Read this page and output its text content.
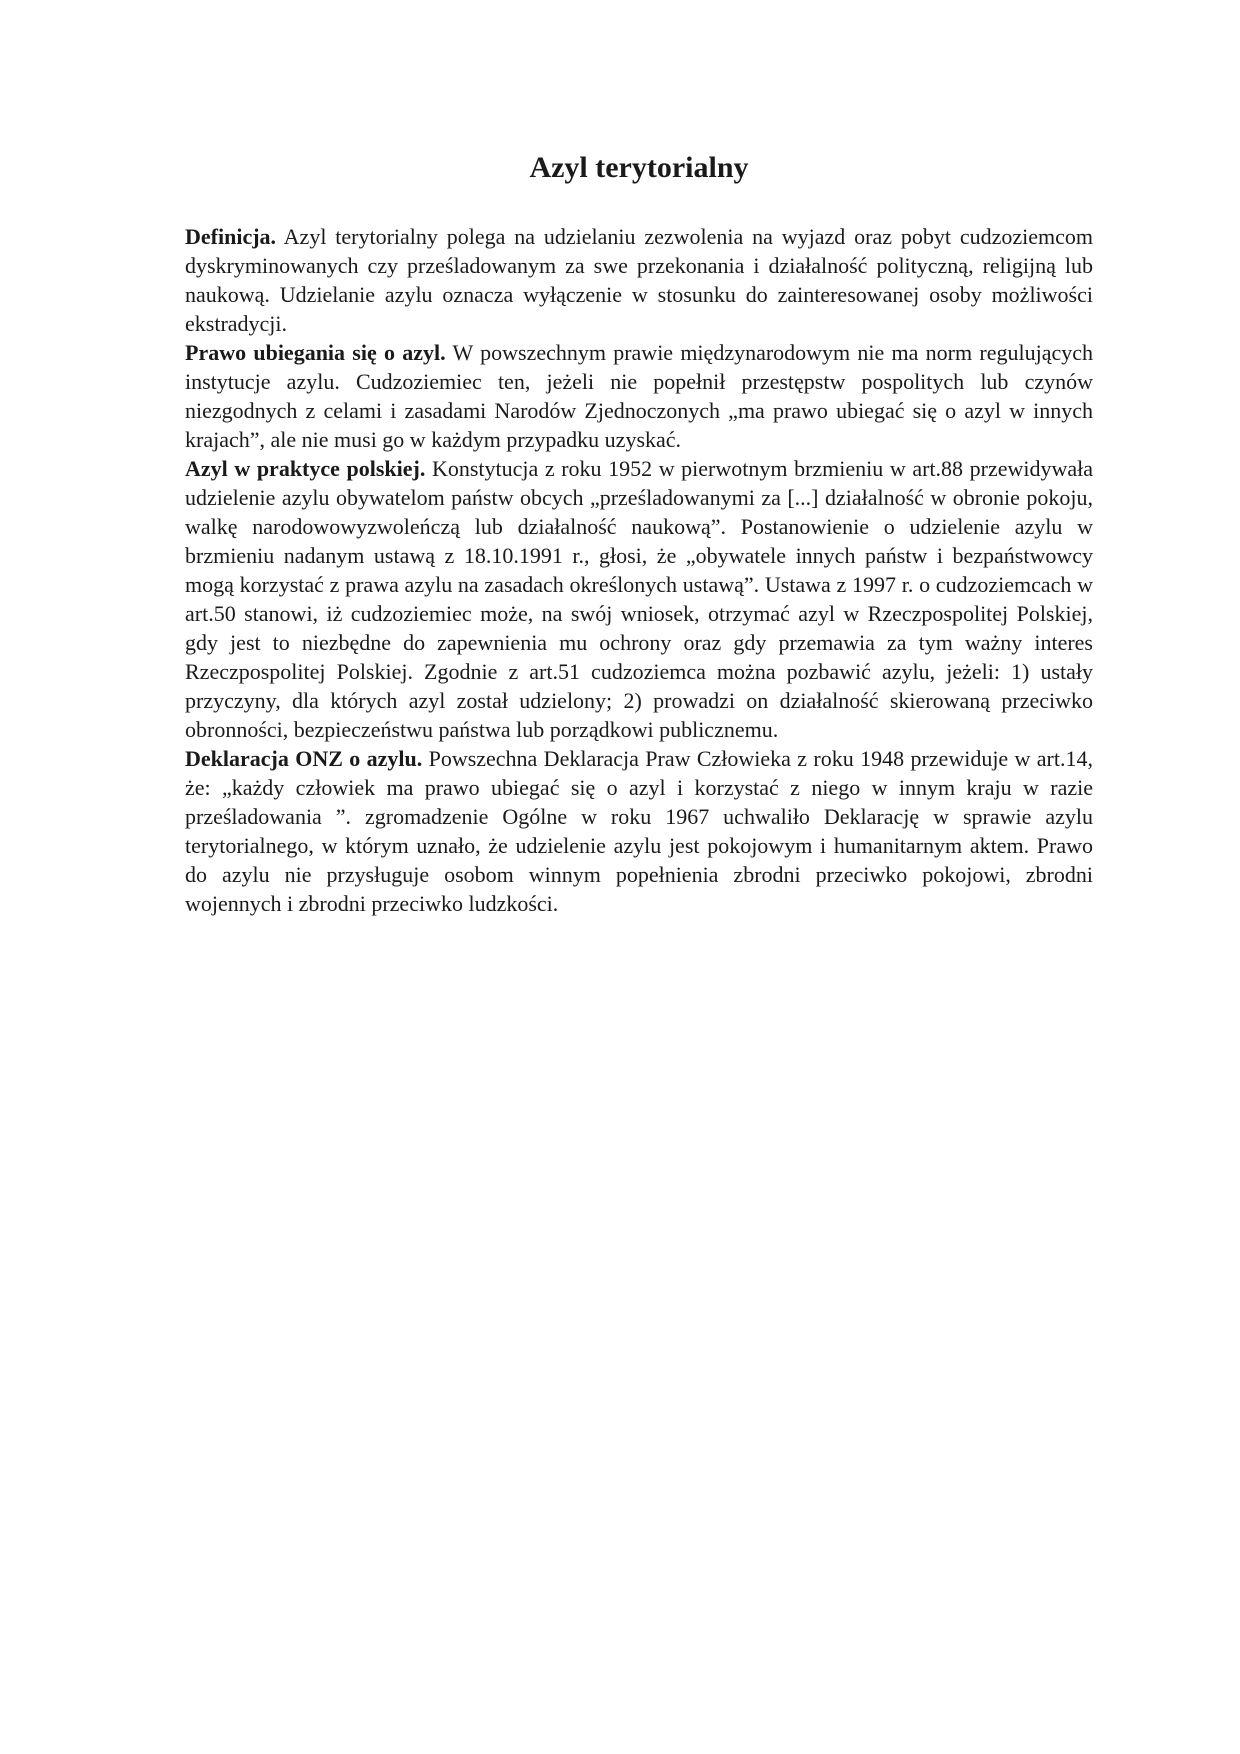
Azyl terytorialny

Definicja. Azyl terytorialny polega na udzielaniu zezwolenia na wyjazd oraz pobyt cudzoziemcom dyskryminowanych czy prześladowanym za swe przekonania i działalność polityczną, religijną lub naukową. Udzielanie azylu oznacza wyłączenie w stosunku do zainteresowanej osoby możliwości ekstradycji.

Prawo ubiegania się o azyl. W powszechnym prawie międzynarodowym nie ma norm regulujących instytucje azylu. Cudzoziemiec ten, jeżeli nie popełnił przestępstw pospolitych lub czynów niezgodnych z celami i zasadami Narodów Zjednoczonych „ma prawo ubiegać się o azyl w innych krajach”, ale nie musi go w każdym przypadku uzyskać.

Azyl w praktyce polskiej. Konstytucja z roku 1952 w pierwotnym brzmieniu w art.88 przewidywała udzielenie azylu obywatelom państw obcych „prześladowanymi za [...] działalność w obronie pokoju, walkę narodowowyzwoleńczą lub działalność naukową”. Postanowienie o udzielenie azylu w brzmieniu nadanym ustawą z 18.10.1991 r., głosi, że „obywatele innych państw i bezpaństwowcy mogą korzystać z prawa azylu na zasadach określonych ustawą”. Ustawa z 1997 r. o cudzoziemcach w art.50 stanowi, iż cudzoziemiec może, na swój wniosek, otrzymać azyl w Rzeczpospolitej Polskiej, gdy jest to niezbędne do zapewnienia mu ochrony oraz gdy przemawia za tym ważny interes Rzeczpospolitej Polskiej. Zgodnie z art.51 cudzoziemca można pozbawić azylu, jeżeli: 1) ustały przyczyny, dla których azyl został udzielony; 2) prowadzi on działalność skierowaną przeciwko obronności, bezpieczeństwu państwa lub porządkowi publicznemu.

Deklaracja ONZ o azylu. Powszechna Deklaracja Praw Człowieka z roku 1948 przewiduje w art.14, że: „każdy człowiek ma prawo ubiegać się o azyl i korzystać z niego w innym kraju w razie prześladowania ”. zgromadzenie Ogólne w roku 1967 uchwaliło Deklarację w sprawie azylu terytorialnego, w którym uznało, że udzielenie azylu jest pokojowym i humanitarnym aktem. Prawo do azylu nie przysługuje osobom winnym popełnienia zbrodni przeciwko pokojowi, zbrodni wojennych i zbrodni przeciwko ludzkości.
